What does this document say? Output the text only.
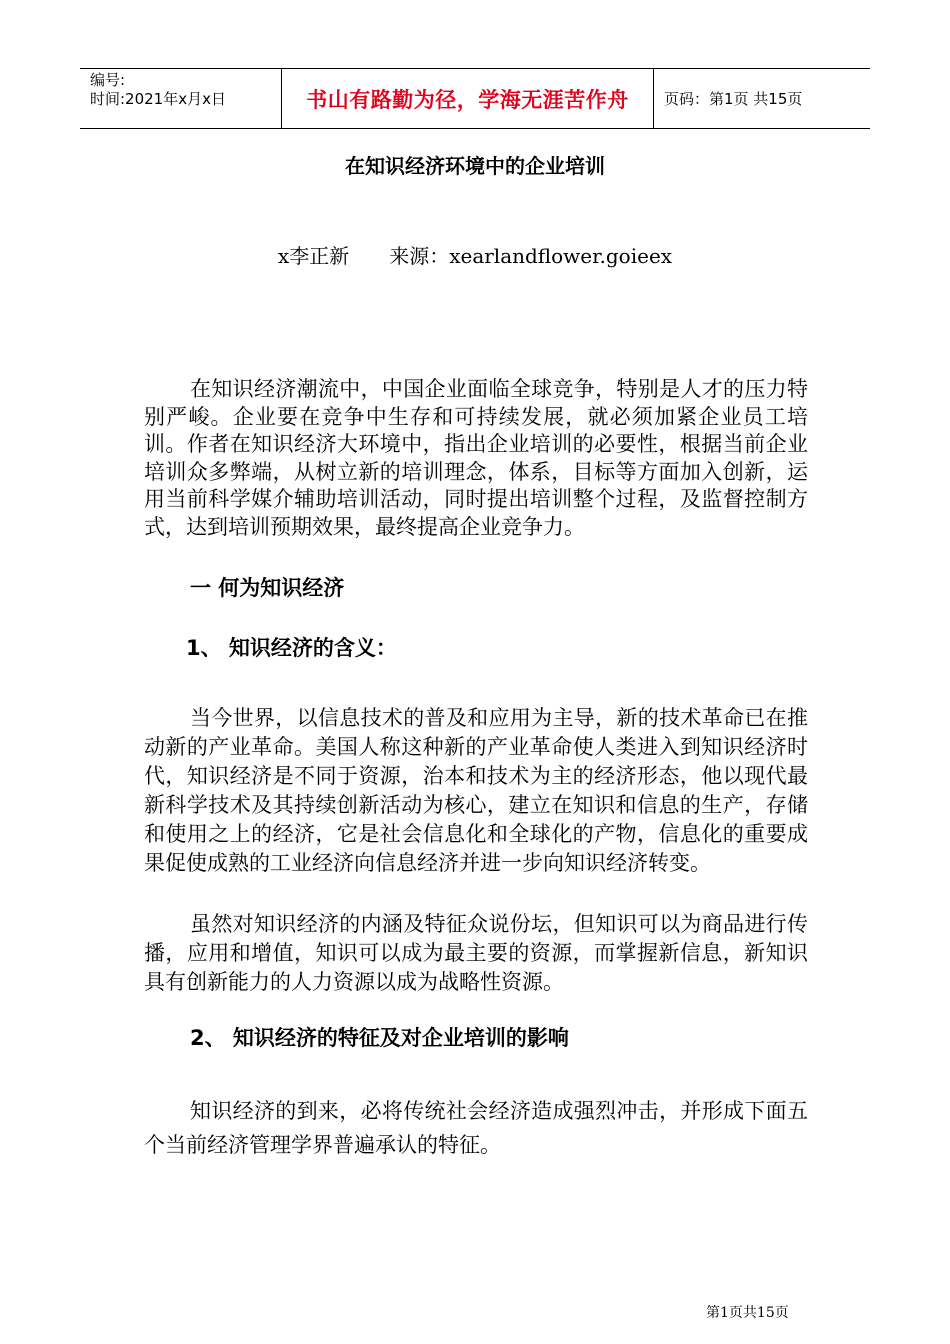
编号:
时间:2021年x月x日	书山有路勤为径，学海无涯苦作舟	页码：第1页 共15页
在知识经济环境中的企业培训
x李正新 来源：xearlandflower.goieex

在知识经济潮流中，中国企业面临全球竞争，特别是人才的压力特别严峻。企业要在竞争中生存和可持续发展，就必须加紧企业员工培训。作者在知识经济大环境中，指出企业培训的必要性，根据当前企业培训众多弊端，从树立新的培训理念，体系，目标等方面加入创新，运用当前科学媒介辅助培训活动，同时提出培训整个过程，及监督控制方式，达到培训预期效果，最终提高企业竞争力。

一 何为知识经济
1、 知识经济的含义：

当今世界，以信息技术的普及和应用为主导，新的技术革命已在推动新的产业革命。美国人称这种新的产业革命使人类进入到知识经济时代，知识经济是不同于资源，治本和技术为主的经济形态，他以现代最新科学技术及其持续创新活动为核心，建立在知识和信息的生产，存储和使用之上的经济，它是社会信息化和全球化的产物，信息化的重要成果促使成熟的工业经济向信息经济并进一步向知识经济转变。

虽然对知识经济的内涵及特征众说份坛，但知识可以为商品进行传播，应用和增值，知识可以成为最主要的资源，而掌握新信息，新知识具有创新能力的人力资源以成为战略性资源。

2、 知识经济的特征及对企业培训的影响

知识经济的到来，必将传统社会经济造成强烈冲击，并形成下面五个当前经济管理学界普遍承认的特征。

第1页共15页
